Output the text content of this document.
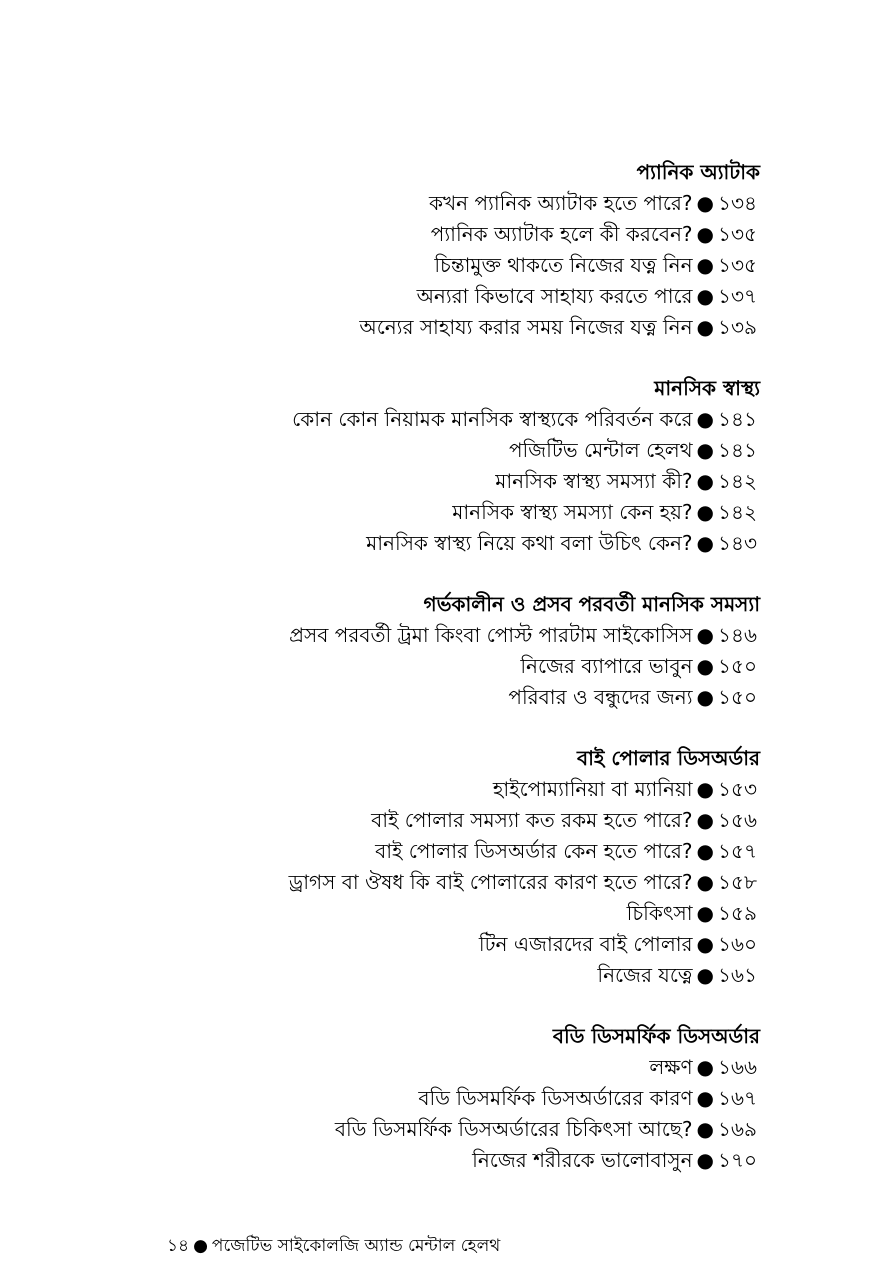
প্যানিক অ্যাটাক
কখন প্যানিক অ্যাটাক হতে পারে? ● ১৩৪
প্যানিক অ্যাটাক হলে কী করবেন? ● ১৩৫
চিন্তামুক্ত থাকতে নিজের যত্ন নিন ● ১৩৫
অন্যরা কিভাবে সাহায্য করতে পারে ● ১৩৭
অন্যের সাহায্য করার সময় নিজের যত্ন নিন ● ১৩৯
মানসিক স্বাস্থ্য
কোন কোন নিয়ামক মানসিক স্বাস্থ্যকে পরিবর্তন করে ● ১৪১
পজিটিভ মেন্টাল হেলথ ● ১৪১
মানসিক স্বাস্থ্য সমস্যা কী? ● ১৪২
মানসিক স্বাস্থ্য সমস্যা কেন হয়? ● ১৪২
মানসিক স্বাস্থ্য নিয়ে কথা বলা উচিৎ কেন? ● ১৪৩
গর্ভকালীন ও প্রসব পরবর্তী মানসিক সমস্যা
প্রসব পরবর্তী ট্রমা কিংবা পোস্ট পারটাম সাইকোসিস ● ১৪৬
নিজের ব্যাপারে ভাবুন ● ১৫০
পরিবার ও বন্ধুদের জন্য ● ১৫০
বাই পোলার ডিসঅর্ডার
হাইপোম্যানিয়া বা ম্যানিয়া ● ১৫৩
বাই পোলার সমস্যা কত রকম হতে পারে? ● ১৫৬
বাই পোলার ডিসঅর্ডার কেন হতে পারে? ● ১৫৭
ড্রাগস বা ঔষধ কি বাই পোলারের কারণ হতে পারে? ● ১৫৮
চিকিৎসা ● ১৫৯
টিন এজারদের বাই পোলার ● ১৬০
নিজের যত্নে ● ১৬১
বডি ডিসমর্ফিক ডিসঅর্ডার
লক্ষণ ● ১৬৬
বডি ডিসমর্ফিক ডিসঅর্ডারের কারণ ● ১৬৭
বডি ডিসমর্ফিক ডিসঅর্ডারের চিকিৎসা আছে? ● ১৬৯
নিজের শরীরকে ভালোবাসুন ● ১৭০
১৪ ● পজেটিভ সাইকোলজি অ্যান্ড মেন্টাল হেলথ
